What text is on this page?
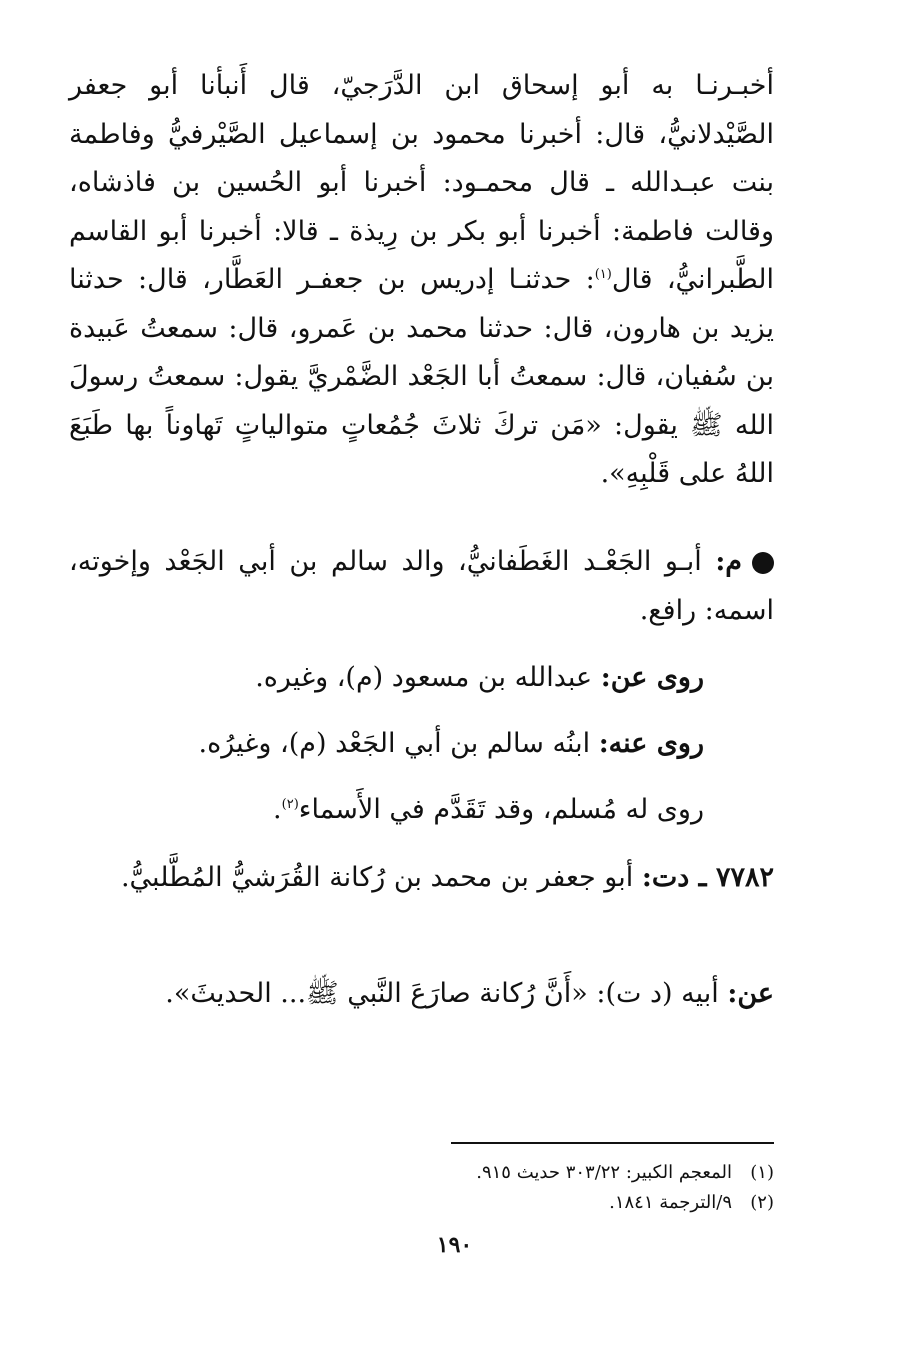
أخبـرنـا به أبو إسحاق ابن الدَّرَجيّ، قال أَنبأنا أبو جعفر الصَّيْدلانيُّ، قال: أخبرنا محمود بن إسماعيل الصَّيْرفيُّ وفاطمة بنت عبـدالله ـ قال محمـود: أخبرنا أبو الحُسين بن فاذشاه، وقالت فاطمة: أخبرنا أبو بكر بن رِيذة ـ قالا: أخبرنا أبو القاسم الطَّبرانيُّ، قال$^{(١)}$: حدثنـا إدريس بن جعفـر العَطَّار، قال: حدثنا يزيد بن هارون، قال: حدثنا محمد بن عَمرو، قال: سمعتُ عَبيدة بن سُفيان، قال: سمعتُ أبا الجَعْد الضَّمْريَّ يقول: سمعتُ رسولَ الله ﷺ يقول: «مَن تركَ ثلاثَ جُمُعاتٍ متوالياتٍ تَهاوناً بها طَبَعَ اللهُ على قَلْبِهِ».

م: أبـو الجَعْـد الغَطَفانيُّ، والد سالم بن أبي الجَعْد وإخوته، اسمه: رافع.
روى عن: عبدالله بن مسعود (م)، وغيره.
روى عنه: ابنُه سالم بن أبي الجَعْد (م)، وغيرُه.
روى له مُسلم، وقد تَقَدَّم في الأَسماء$^{(٢)}$.
٧٧٨٢ ـ دت: أبو جعفر بن محمد بن رُكانة القُرَشيُّ المُطَّلبيُّ.
عن: أبيه (د ت): «أَنَّ رُكانة صارَعَ النَّبي ﷺ... الحديثَ».
(١)المعجم الكبير: ٣٠٣/٢٢ حديث ٩١٥.
(٢)٩/الترجمة ١٨٤١.
١٩٠
